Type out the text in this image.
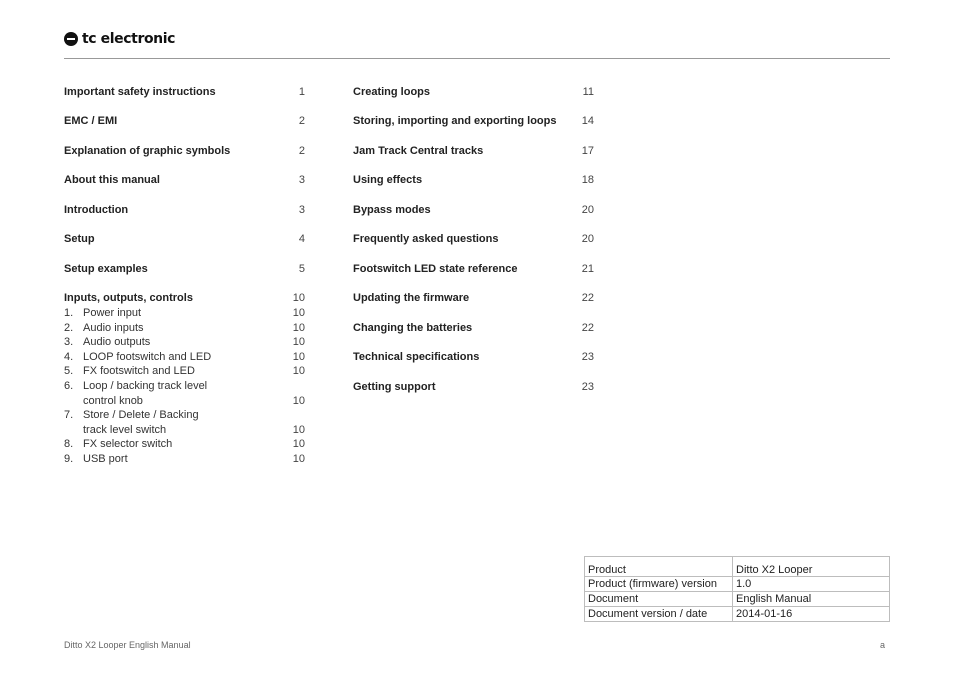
tc electronic
Important safety instructions	1
EMC / EMI	2
Explanation of graphic symbols	2
About this manual	3
Introduction	3
Setup	4
Setup examples	5
Inputs, outputs, controls	10
1. Power input	10
2. Audio inputs	10
3. Audio outputs	10
4. LOOP footswitch and LED	10
5. FX footswitch and LED	10
6. Loop / backing track level
control knob	10
7. Store / Delete / Backing
track level switch	10
8. FX selector switch	10
9. USB port	10
Creating loops	11
Storing, importing and exporting loops 14
Jam Track Central tracks	17
Using effects	18
Bypass modes	20
Frequently asked questions	20
Footswitch LED state reference	21
Updating the firmware	22
Changing the batteries	22
Technical specifications	23
Getting support	23
Product	Ditto X2 Looper
Product (firmware) version	1.0
Document	English Manual
Document version / date	2014-01-16
Ditto X2 Looper English Manual	a
